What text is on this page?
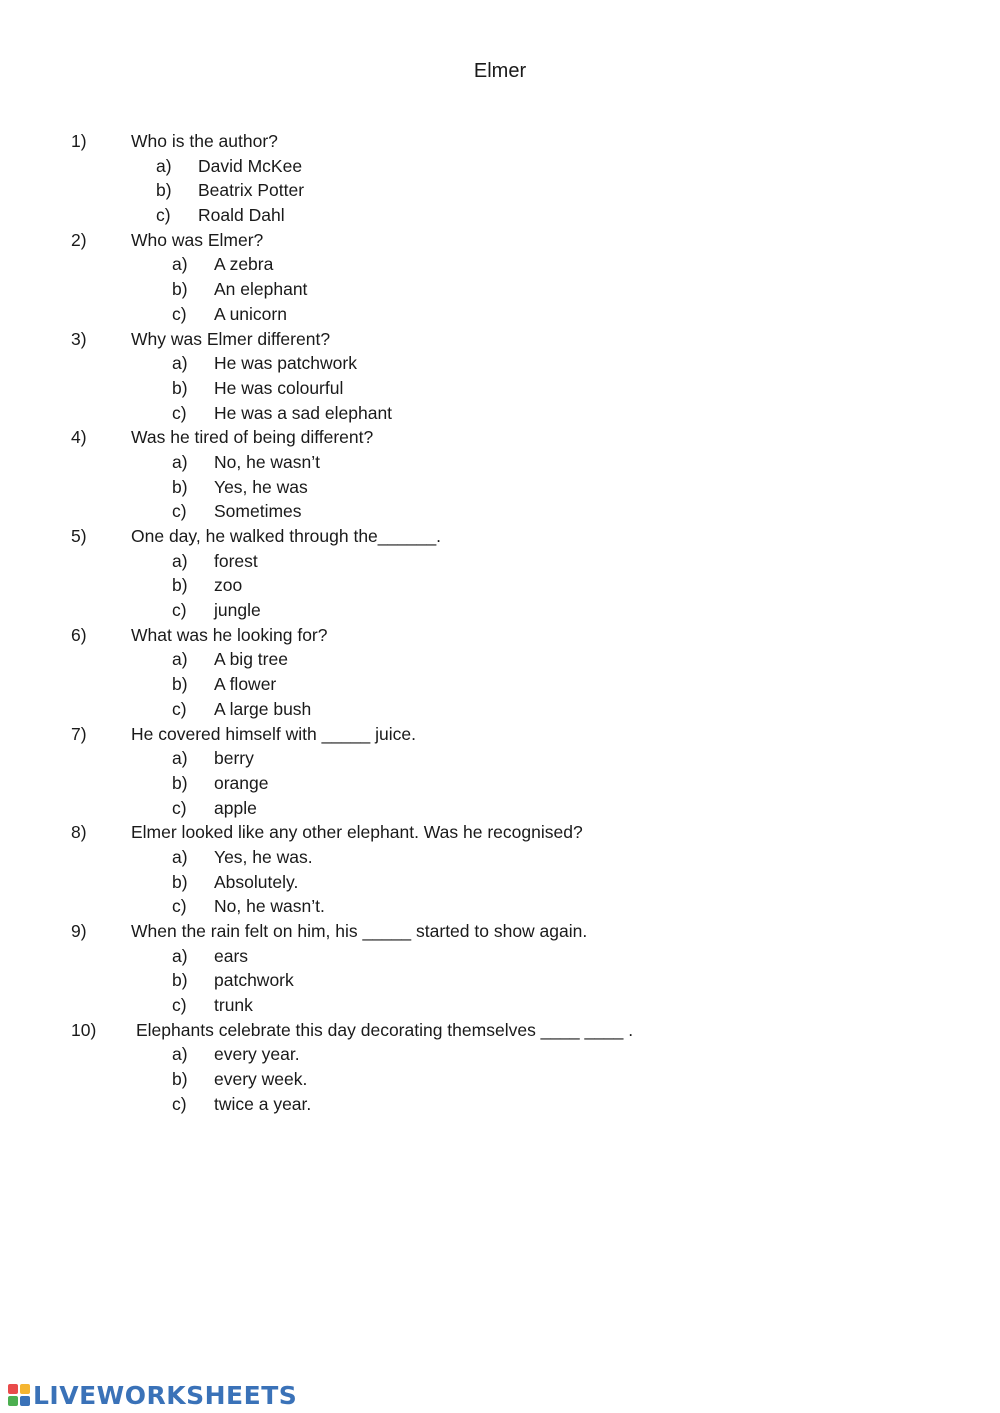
Elmer
1)	Who is the author?
a) David McKee
b) Beatrix Potter
c) Roald Dahl
2)	Who was Elmer?
a) A zebra
b) An elephant
c) A unicorn
3)	Why was Elmer different?
a) He was patchwork
b) He was colourful
c) He was a sad elephant
4)	Was he tired of being different?
a) No, he wasn’t
b) Yes, he was
c) Sometimes
5)	One day, he walked through the______.
a) forest
b) zoo
c) jungle
6)	What was he looking for?
a) A big tree
b) A flower
c) A large bush
7)	He covered himself with _____ juice.
a) berry
b) orange
c) apple
8)	Elmer looked like any other elephant. Was he recognised?
a) Yes, he was.
b) Absolutely.
c) No, he wasn’t.
9)	When the rain felt on him, his _____ started to show again.
a) ears
b) patchwork
c) trunk
10) Elephants celebrate this day decorating themselves ____ ____ .
a) every year.
b) every week.
c) twice a year.
LIVEWORKSHEETS
